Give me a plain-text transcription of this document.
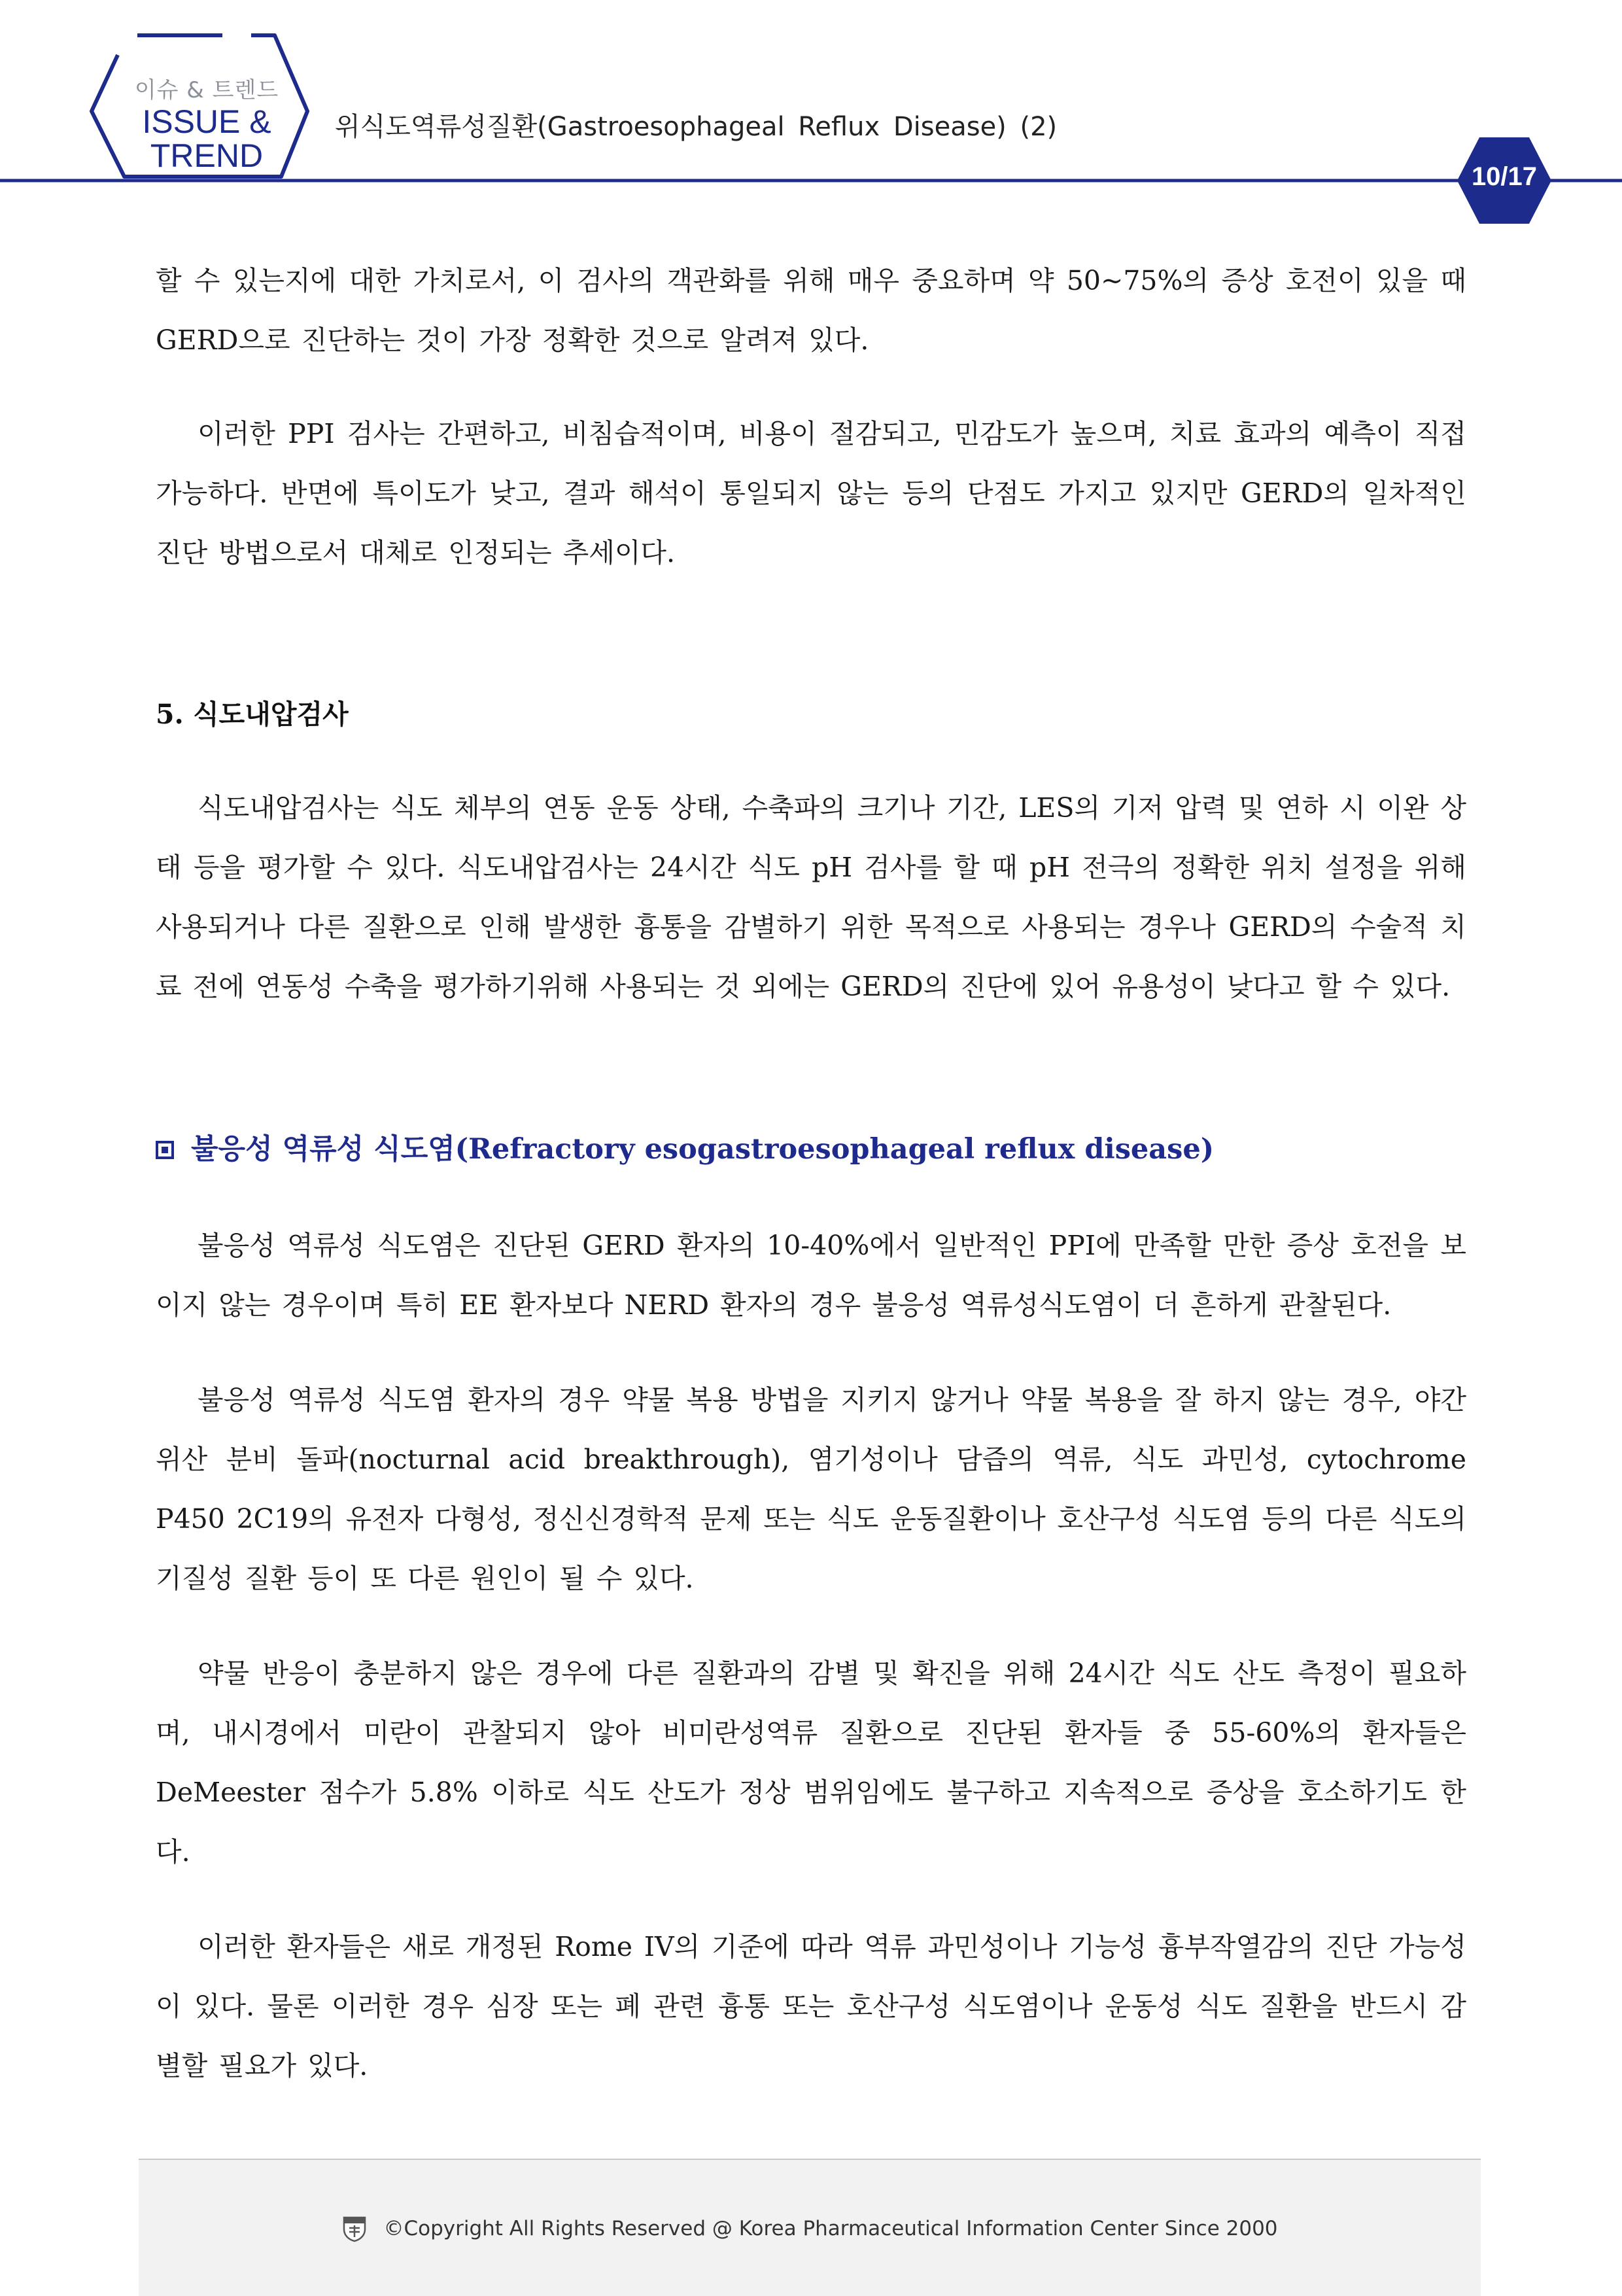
이슈 & 트렌드
ISSUE &
TREND
위식도역류성질환(Gastroesophageal Reflux Disease) (2)
10/17

할 수 있는지에 대한 가치로서, 이 검사의 객관화를 위해 매우 중요하며 약 50~75%의 증상 호전이 있을 때 GERD으로 진단하는 것이 가장 정확한 것으로 알려져 있다.

이러한 PPI 검사는 간편하고, 비침습적이며, 비용이 절감되고, 민감도가 높으며, 치료 효과의 예측이 직접 가능하다. 반면에 특이도가 낮고, 결과 해석이 통일되지 않는 등의 단점도 가지고 있지만 GERD의 일차적인 진단 방법으로서 대체로 인정되는 추세이다.

5. 식도내압검사

식도내압검사는 식도 체부의 연동 운동 상태, 수축파의 크기나 기간, LES의 기저 압력 및 연하 시 이완 상태 등을 평가할 수 있다. 식도내압검사는 24시간 식도 pH 검사를 할 때 pH 전극의 정확한 위치 설정을 위해 사용되거나 다른 질환으로 인해 발생한 흉통을 감별하기 위한 목적으로 사용되는 경우나 GERD의 수술적 치료 전에 연동성 수축을 평가하기위해 사용되는 것 외에는 GERD의 진단에 있어 유용성이 낮다고 할 수 있다.

불응성 역류성 식도염(Refractory esogastroesophageal reflux disease)

불응성 역류성 식도염은 진단된 GERD 환자의 10-40%에서 일반적인 PPI에 만족할 만한 증상 호전을 보이지 않는 경우이며 특히 EE 환자보다 NERD 환자의 경우 불응성 역류성식도염이 더 흔하게 관찰된다.

불응성 역류성 식도염 환자의 경우 약물 복용 방법을 지키지 않거나 약물 복용을 잘 하지 않는 경우, 야간 위산 분비 돌파(nocturnal acid breakthrough), 염기성이나 담즙의 역류, 식도 과민성, cytochrome P450 2C19의 유전자 다형성, 정신신경학적 문제 또는 식도 운동질환이나 호산구성 식도염 등의 다른 식도의 기질성 질환 등이 또 다른 원인이 될 수 있다.

약물 반응이 충분하지 않은 경우에 다른 질환과의 감별 및 확진을 위해 24시간 식도 산도 측정이 필요하며, 내시경에서 미란이 관찰되지 않아 비미란성역류 질환으로 진단된 환자들 중 55-60%의 환자들은 DeMeester 점수가 5.8% 이하로 식도 산도가 정상 범위임에도 불구하고 지속적으로 증상을 호소하기도 한다.

이러한 환자들은 새로 개정된 Rome IV의 기준에 따라 역류 과민성이나 기능성 흉부작열감의 진단 가능성이 있다. 물론 이러한 경우 심장 또는 폐 관련 흉통 또는 호산구성 식도염이나 운동성 식도 질환을 반드시 감별할 필요가 있다.

©Copyright All Rights Reserved @ Korea Pharmaceutical Information Center Since 2000
